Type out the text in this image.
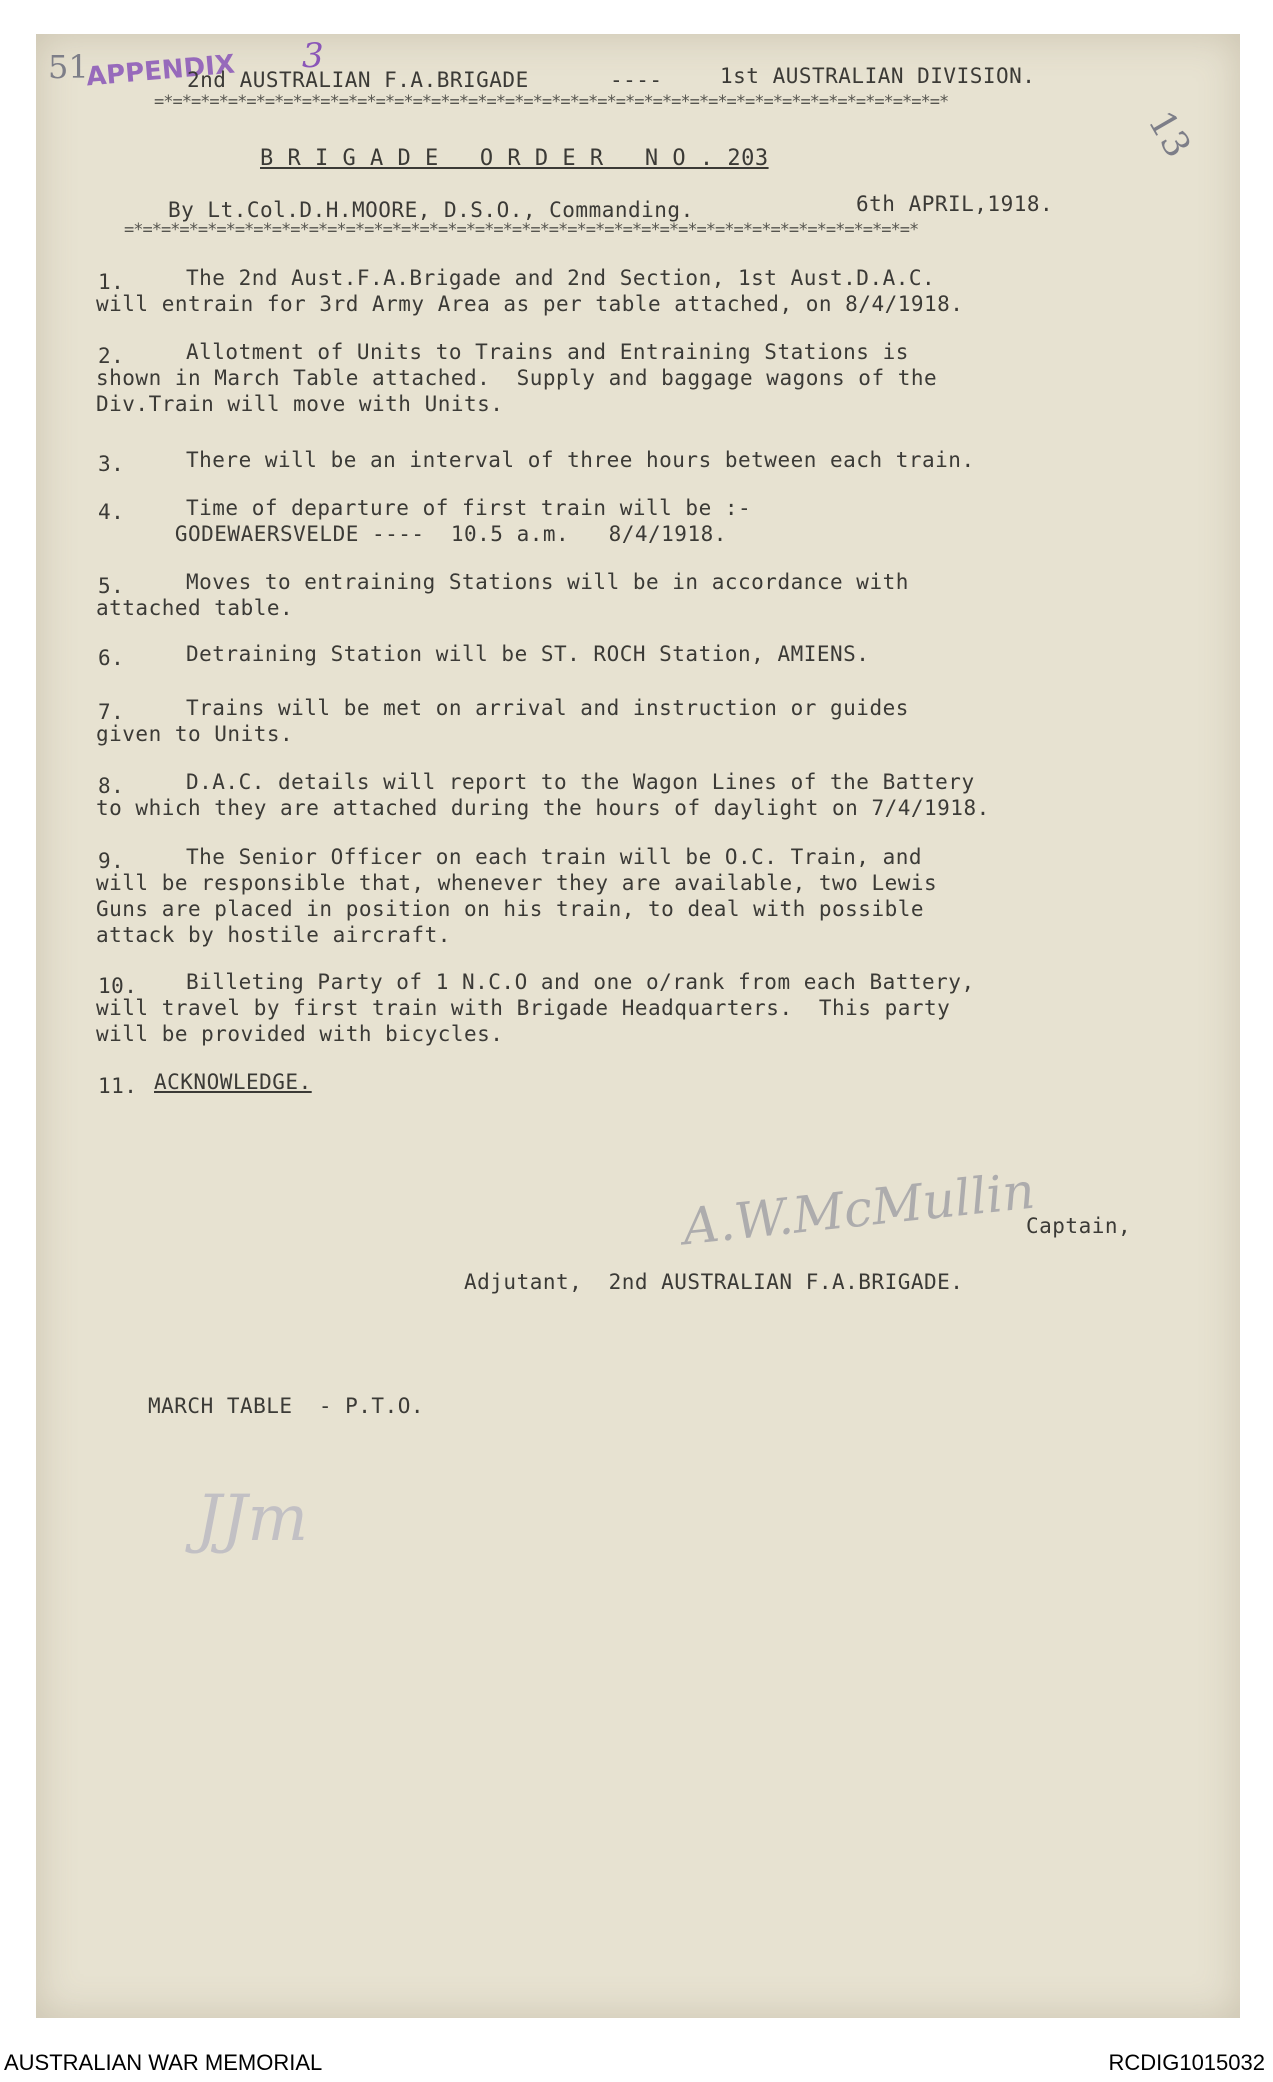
51
APPENDIX 3
13
2nd AUSTRALIAN F.A.BRIGADE	----	1st AUSTRALIAN DIVISION.
=*=*=*=*=*=*=*=*=*=*=*=*=*=*=*=*=*=*=*=*=*=*=*=*=*=*=*=*=*=*=*=*=*=*=*=*=*=*=*=*=*=*=*
B R I G A D E   O R D E R   N O . 203
By Lt.Col.D.H.MOORE, D.S.O., Commanding.	6th APRIL,1918.
=*=*=*=*=*=*=*=*=*=*=*=*=*=*=*=*=*=*=*=*=*=*=*=*=*=*=*=*=*=*=*=*=*=*=*=*=*=*=*=*=*=*=*
1.	The 2nd Aust.F.A.Brigade and 2nd Section, 1st Aust.D.A.C.
will entrain for 3rd Army Area as per table attached, on 8/4/1918.
2.	Allotment of Units to Trains and Entraining Stations is
shown in March Table attached.  Supply and baggage wagons of the
Div.Train will move with Units.
3.	There will be an interval of three hours between each train.
4.	Time of departure of first train will be :-
GODEWAERSVELDE ----  10.5 a.m.   8/4/1918.
5.	Moves to entraining Stations will be in accordance with
attached table.
6.	Detraining Station will be ST. ROCH Station, AMIENS.
7.	Trains will be met on arrival and instruction or guides
given to Units.
8.	D.A.C. details will report to the Wagon Lines of the Battery
to which they are attached during the hours of daylight on 7/4/1918.
9.	The Senior Officer on each train will be O.C. Train, and
will be responsible that, whenever they are available, two Lewis
Guns are placed in position on his train, to deal with possible
attack by hostile aircraft.
10. Billeting Party of 1 N.C.O and one o/rank from each Battery,
will travel by first train with Brigade Headquarters.  This party
will be provided with bicycles.
11. ACKNOWLEDGE.
A.W.McMullin
Captain,
Adjutant,  2nd AUSTRALIAN F.A.BRIGADE.
MARCH TABLE  - P.T.O.
JJm
AUSTRALIAN WAR MEMORIAL	RCDIG1015032
